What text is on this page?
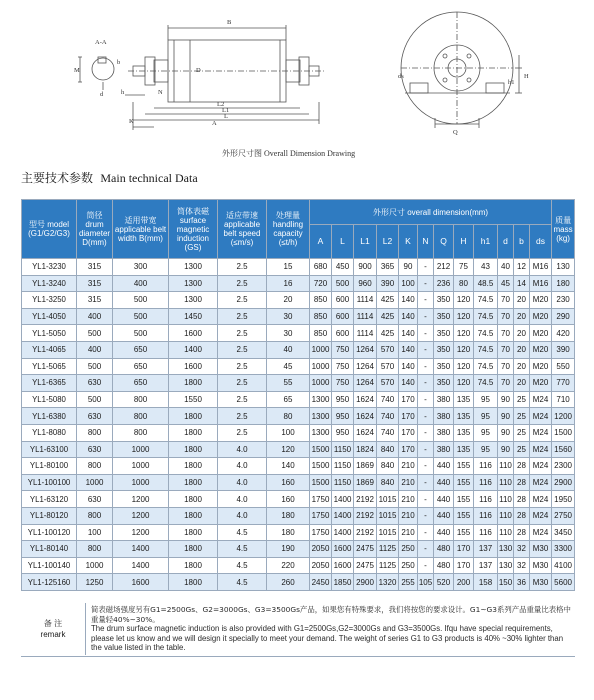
A-A
M
d
B
D
N
L2
L1
L
A
K
h
b
ds
h1
H
Q
外形尺寸图 Overall Dimension Drawing
主要技术参数 Main technical Data
型号 model (G1/G2/G3)	筒径 drum diameter D(mm)	适用带宽 applicable belt width B(mm)	筒体表磁 surface magnetic induction (GS)	适应带速 applicable belt speed (≤m/s)	处理量 handling capacity (≤t/h)	外形尺寸 overall dimension(mm)												质量 mass (kg)
						A	L	L1	L2	K	N	Q	H	h1	d	b	ds	
YL1-3230	315	300	1300	2.5	15	680	450	900	365	90	-	212	75	43	40	12	M16	130
YL1-3240	315	400	1300	2.5	16	720	500	960	390	100	-	236	80	48.5	45	14	M16	180
YL1-3250	315	500	1300	2.5	20	850	600	1114	425	140	-	350	120	74.5	70	20	M20	230
YL1-4050	400	500	1450	2.5	30	850	600	1114	425	140	-	350	120	74.5	70	20	M20	290
YL1-5050	500	500	1600	2.5	30	850	600	1114	425	140	-	350	120	74.5	70	20	M20	420
YL1-4065	400	650	1400	2.5	40	1000	750	1264	570	140	-	350	120	74.5	70	20	M20	390
YL1-5065	500	650	1600	2.5	45	1000	750	1264	570	140	-	350	120	74.5	70	20	M20	550
YL1-6365	630	650	1800	2.5	55	1000	750	1264	570	140	-	350	120	74.5	70	20	M20	770
YL1-5080	500	800	1550	2.5	65	1300	950	1624	740	170	-	380	135	95	90	25	M24	710
YL1-6380	630	800	1800	2.5	80	1300	950	1624	740	170	-	380	135	95	90	25	M24	1200
YL1-8080	800	800	1800	2.5	100	1300	950	1624	740	170	-	380	135	95	90	25	M24	1500
YL1-63100	630	1000	1800	4.0	120	1500	1150	1824	840	170	-	380	135	95	90	25	M24	1560
YL1-80100	800	1000	1800	4.0	140	1500	1150	1869	840	210	-	440	155	116	110	28	M24	2300
YL1-100100	1000	1000	1800	4.0	160	1500	1150	1869	840	210	-	440	155	116	110	28	M24	2900
YL1-63120	630	1200	1800	4.0	160	1750	1400	2192	1015	210	-	440	155	116	110	28	M24	1950
YL1-80120	800	1200	1800	4.0	180	1750	1400	2192	1015	210	-	440	155	116	110	28	M24	2750
YL1-100120	100	1200	1800	4.5	180	1750	1400	2192	1015	210	-	440	155	116	110	28	M24	3450
YL1-80140	800	1400	1800	4.5	190	2050	1600	2475	1125	250	-	480	170	137	130	32	M30	3300
YL1-100140	1000	1400	1800	4.5	220	2050	1600	2475	1125	250	-	480	170	137	130	32	M30	4100
YL1-125160	1250	1600	1800	4.5	260	2450	1850	2900	1320	255	105	520	200	158	150	36	M30	5600
备 注
remark
简表磁场强度另有G1=2500Gs、G2=3000Gs、G3=3500Gs产品，如果您有特殊要求，我们将按您的要求设计。G1~G3系列产品重量比表格中重量轻40%~30%。
The drum surface magnetic induction is also provided with G1=2500Gs,G2=3000Gs and G3=3500Gs. Ifqu have special requirements, please let us know and we will design it specially to meet your demand. The weight of series G1 to G3 products is 40% ~30% lighter than the value listed in the table.
